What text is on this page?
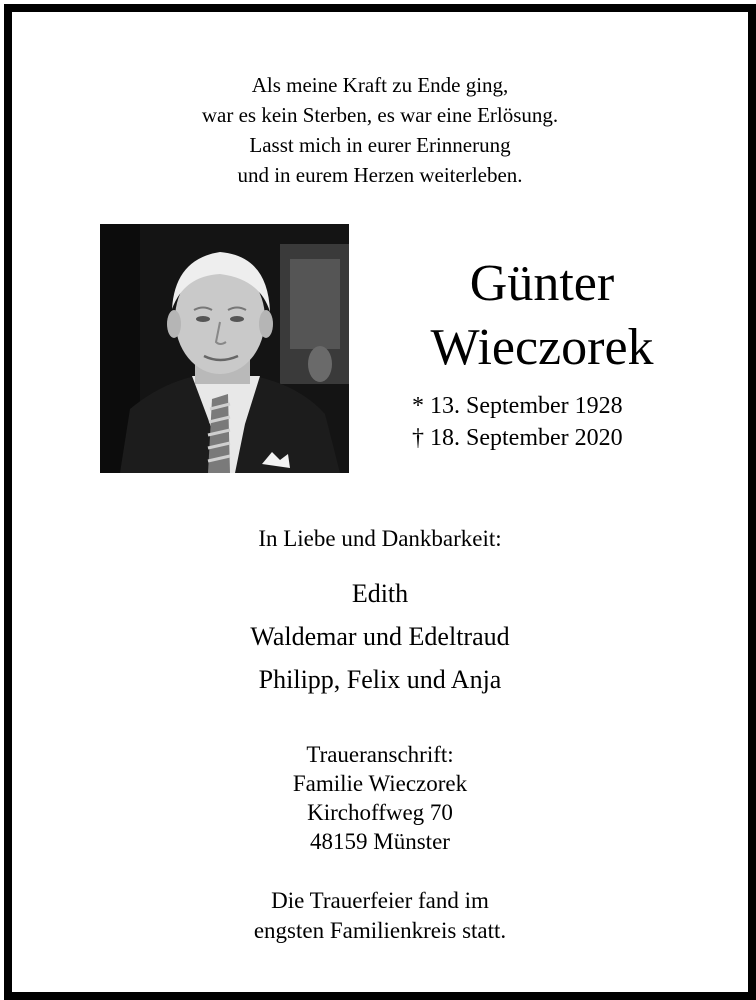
Als meine Kraft zu Ende ging,
war es kein Sterben, es war eine Erlösung.
Lasst mich in eurer Erinnerung
und in eurem Herzen weiterleben.
Günter
Wieczorek
* 13. September 1928
† 18. September 2020
In Liebe und Dankbarkeit:
Edith
Waldemar und Edeltraud
Philipp, Felix und Anja
Traueranschrift:
Familie Wieczorek
Kirchoffweg 70
48159 Münster
Die Trauerfeier fand im
engsten Familienkreis statt.
